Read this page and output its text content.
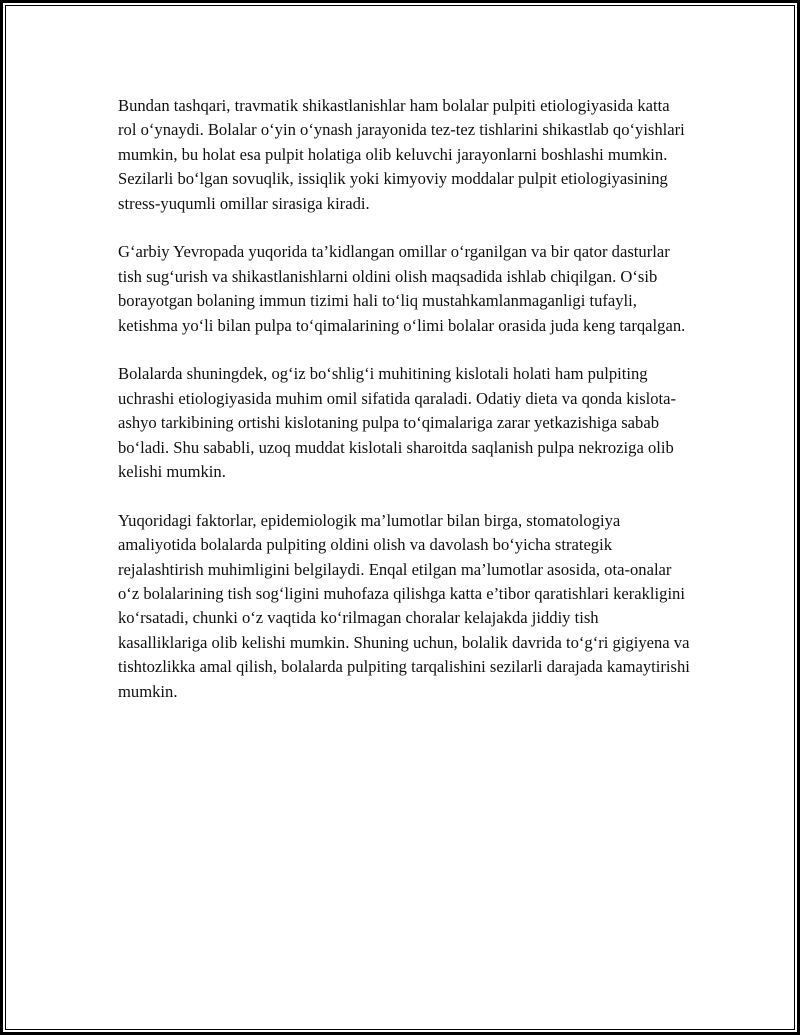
Bundan tashqari, travmatik shikastlanishlar ham bolalar pulpiti etiologiyasida katta rol o‘ynaydi. Bolalar o‘yin o‘ynash jarayonida tez-tez tishlarini shikastlab qo‘yishlari mumkin, bu holat esa pulpit holatiga olib keluvchi jarayonlarni boshlashi mumkin. Sezilarli bo‘lgan sovuqlik, issiqlik yoki kimyoviy moddalar pulpit etiologiyasining stress-yuqumli omillar sirasiga kiradi.

G‘arbiy Yevropada yuqorida ta’kidlangan omillar o‘rganilgan va bir qator dasturlar tish sug‘urish va shikastlanishlarni oldini olish maqsadida ishlab chiqilgan. O‘sib borayotgan bolaning immun tizimi hali to‘liq mustahkamlanmaganligi tufayli, ketishma yo‘li bilan pulpa to‘qimalarining o‘limi bolalar orasida juda keng tarqalgan.

Bolalarda shuningdek, og‘iz bo‘shlig‘i muhitining kislotali holati ham pulpiting uchrashi etiologiyasida muhim omil sifatida qaraladi. Odatiy dieta va qonda kislota-ashyo tarkibining ortishi kislotaning pulpa to‘qimalariga zarar yetkazishiga sabab bo‘ladi. Shu sababli, uzoq muddat kislotali sharoitda saqlanish pulpa nekroziga olib kelishi mumkin.

Yuqoridagi faktorlar, epidemiologik ma’lumotlar bilan birga, stomatologiya amaliyotida bolalarda pulpiting oldini olish va davolash bo‘yicha strategik rejalashtirish muhimligini belgilaydi. Enqal etilgan ma’lumotlar asosida, ota-onalar o‘z bolalarining tish sog‘ligini muhofaza qilishga katta e’tibor qaratishlari kerakligini ko‘rsatadi, chunki o‘z vaqtida ko‘rilmagan choralar kelajakda jiddiy tish kasalliklariga olib kelishi mumkin. Shuning uchun, bolalik davrida to‘g‘ri gigiyena va tishtozlikka amal qilish, bolalarda pulpiting tarqalishini sezilarli darajada kamaytirishi mumkin.
